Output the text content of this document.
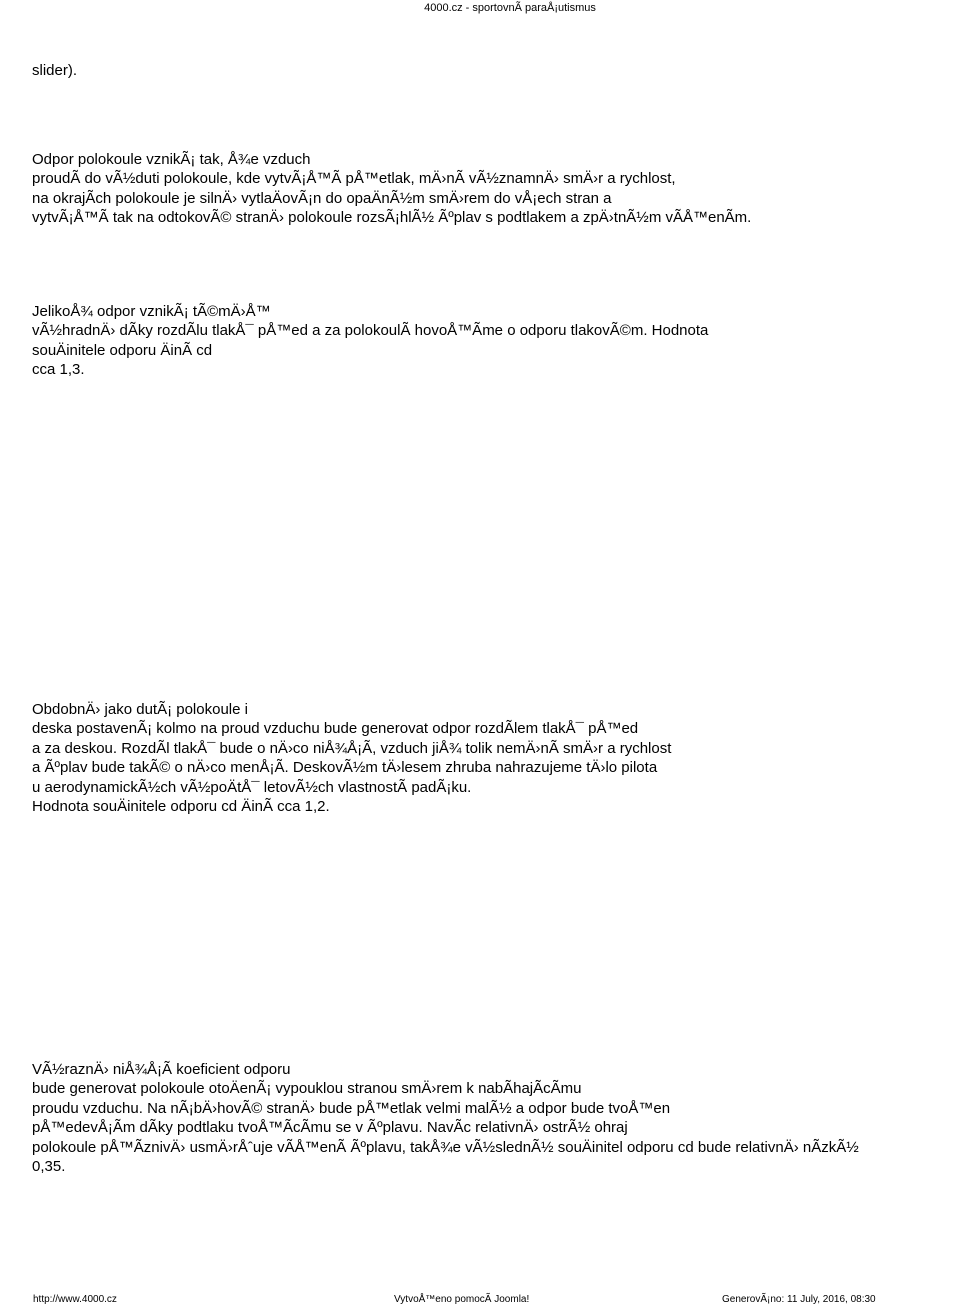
4000.cz - sportovnÃ paraÅ¡utismus
slider).
Odpor polokoule vznikÃ¡ tak, Å¾e vzduch
proudÃ do vÃ½duti polokoule, kde vytvÃ¡Å™Ã pÅ™etlak, mÄ›nÃ vÃ½znamnÄ› smÄ›r a rychlost,
na okrajÃch polokoule je silnÄ› vytlaÄovÃ¡n do opaÄnÃ½m smÄ›rem do vÅ¡ech stran a
vytvÃ¡Å™Ã tak na odtokovÃ© stranÄ› polokoule rozsÃ¡hlÃ½ Ãºplav s podtlakem a zpÄ›tnÃ½m vÃÅ™enÃm.
JelikoÅ¾ odpor vznikÃ¡ tÃ©mÄ›Å™
vÃ½hradnÄ› dÃky rozdÃlu tlakÅ¯ pÅ™ed a za polokoulÃ hovoÅ™Ãme o odporu tlakovÃ©m. Hodnota
souÄinitele odporu ÄinÃ cd
cca 1,3.
ObdobnÄ› jako dutÃ¡ polokoule i
deska postavenÃ¡ kolmo na proud vzduchu bude generovat odpor rozdÃlem tlakÅ¯ pÅ™ed
a za deskou. RozdÃl tlakÅ¯ bude o nÄ›co niÅ¾Å¡Ã, vzduch jiÅ¾ tolik nemÄ›nÃ smÄ›r a rychlost
a Ãºplav bude takÃ© o nÄ›co menÅ¡Ã. DeskovÃ½m tÄ›lesem zhruba nahrazujeme tÄ›lo pilota
u aerodynamickÃ½ch vÃ½poÄtÅ¯ letovÃ½ch vlastnostÃ padÃ¡ku.
Hodnota souÄinitele odporu cd ÄinÃ cca 1,2.
VÃ½raznÄ› niÅ¾Å¡Ã koeficient odporu
bude generovat polokoule otoÄenÃ¡ vypouklou stranou smÄ›rem k nabÃhajÃcÃmu
proudu vzduchu. Na nÃ¡bÄ›hovÃ© stranÄ› bude pÅ™etlak velmi malÃ½ a odpor bude tvoÅ™en
pÅ™edevÅ¡Ãm dÃky podtlaku tvoÅ™ÃcÃmu se v Ãºplavu. NavÃc relativnÄ› ostrÃ½ ohraj
polokoule pÅ™ÃznivÄ› usmÄ›rÅˆuje vÃÅ™enÃ Ãºplavu, takÅ¾e vÃ½slednÃ½ souÄinitel odporu cd bude relativnÄ› nÃzkÃ½
0,35.
http://www.4000.cz	VytvoÅ™eno pomocÃ Joomla!	GenerovÃ¡no: 11 July, 2016, 08:30
